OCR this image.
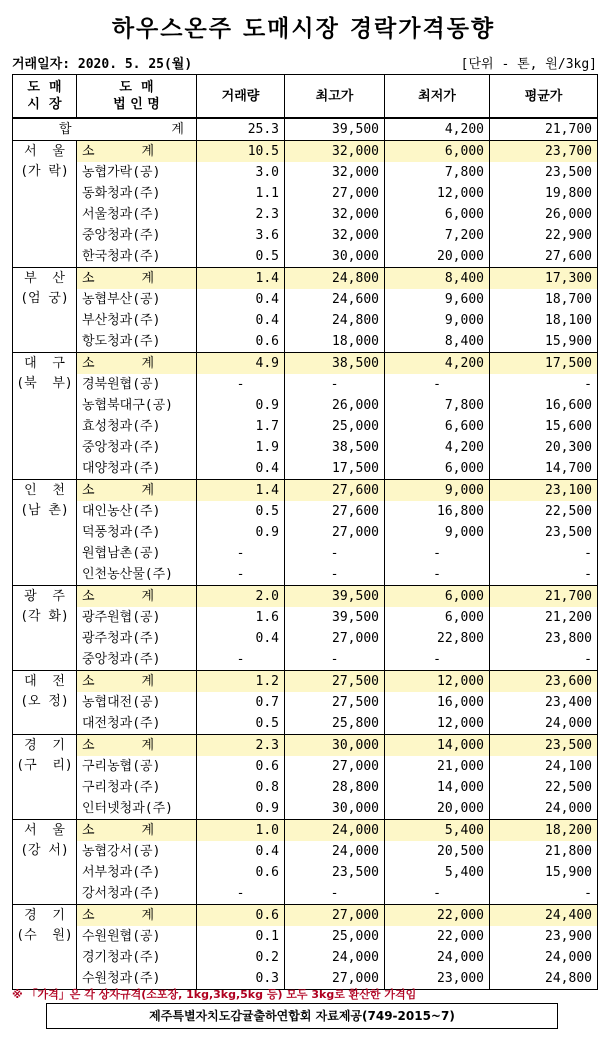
하우스온주 도매시장 경락가격동향
거래일자: 2020. 5. 25(월)	[단위 - 톤, 원/3kg]
도  매
시  장	도  매
법 인 명	거래량	최고가	최저가	평균가
합 계		25.3	39,500	4,200	21,700
서  울
(가 락)	소      계	10.5	32,000	6,000	23,700
	농협가락(공)	3.0	32,000	7,800	23,500
	동화청과(주)	1.1	27,000	12,000	19,800
	서울청과(주)	2.3	32,000	6,000	26,000
	중앙청과(주)	3.6	32,000	7,200	22,900
	한국청과(주)	0.5	30,000	20,000	27,600
부  산
(엄 궁)	소      계	1.4	24,800	8,400	17,300
	농협부산(공)	0.4	24,600	9,600	18,700
	부산청과(주)	0.4	24,800	9,000	18,100
	항도청과(주)	0.6	18,000	8,400	15,900
대  구
(북  부)	소      계	4.9	38,500	4,200	17,500
	경북원협(공)	-	-	-	-
	농협북대구(공)	0.9	26,000	7,800	16,600
	효성청과(주)	1.7	25,000	6,600	15,600
	중앙청과(주)	1.9	38,500	4,200	20,300
	대양청과(주)	0.4	17,500	6,000	14,700
인  천
(남 촌)	소      계	1.4	27,600	9,000	23,100
	대인농산(주)	0.5	27,600	16,800	22,500
	덕풍청과(주)	0.9	27,000	9,000	23,500
	원협남촌(공)	-	-	-	-
	인천농산물(주)	-	-	-	-
광  주
(각 화)	소      계	2.0	39,500	6,000	21,700
	광주원협(공)	1.6	39,500	6,000	21,200
	광주청과(주)	0.4	27,000	22,800	23,800
	중앙청과(주)	-	-	-	-
대  전
(오 정)	소      계	1.2	27,500	12,000	23,600
	농협대전(공)	0.7	27,500	16,000	23,400
	대전청과(주)	0.5	25,800	12,000	24,000
경  기
(구  리)	소      계	2.3	30,000	14,000	23,500
	구리농협(공)	0.6	27,000	21,000	24,100
	구리청과(주)	0.8	28,800	14,000	22,500
	인터넷청과(주)	0.9	30,000	20,000	24,000
서  울
(강 서)	소      계	1.0	24,000	5,400	18,200
	농협강서(공)	0.4	24,000	20,500	21,800
	서부청과(주)	0.6	23,500	5,400	15,900
	강서청과(주)	-	-	-	-
경  기
(수  원)	소      계	0.6	27,000	22,000	24,400
	수원원협(공)	0.1	25,000	22,000	23,900
	경기청과(주)	0.2	24,000	24,000	24,000
	수원청과(주)	0.3	27,000	23,000	24,800
※ 「가격」은 각 상자규격(소포장, 1kg,3kg,5kg 등) 모두 3kg로 환산한 가격임
제주특별자치도감귤출하연합회 자료제공(749-2015~7)
